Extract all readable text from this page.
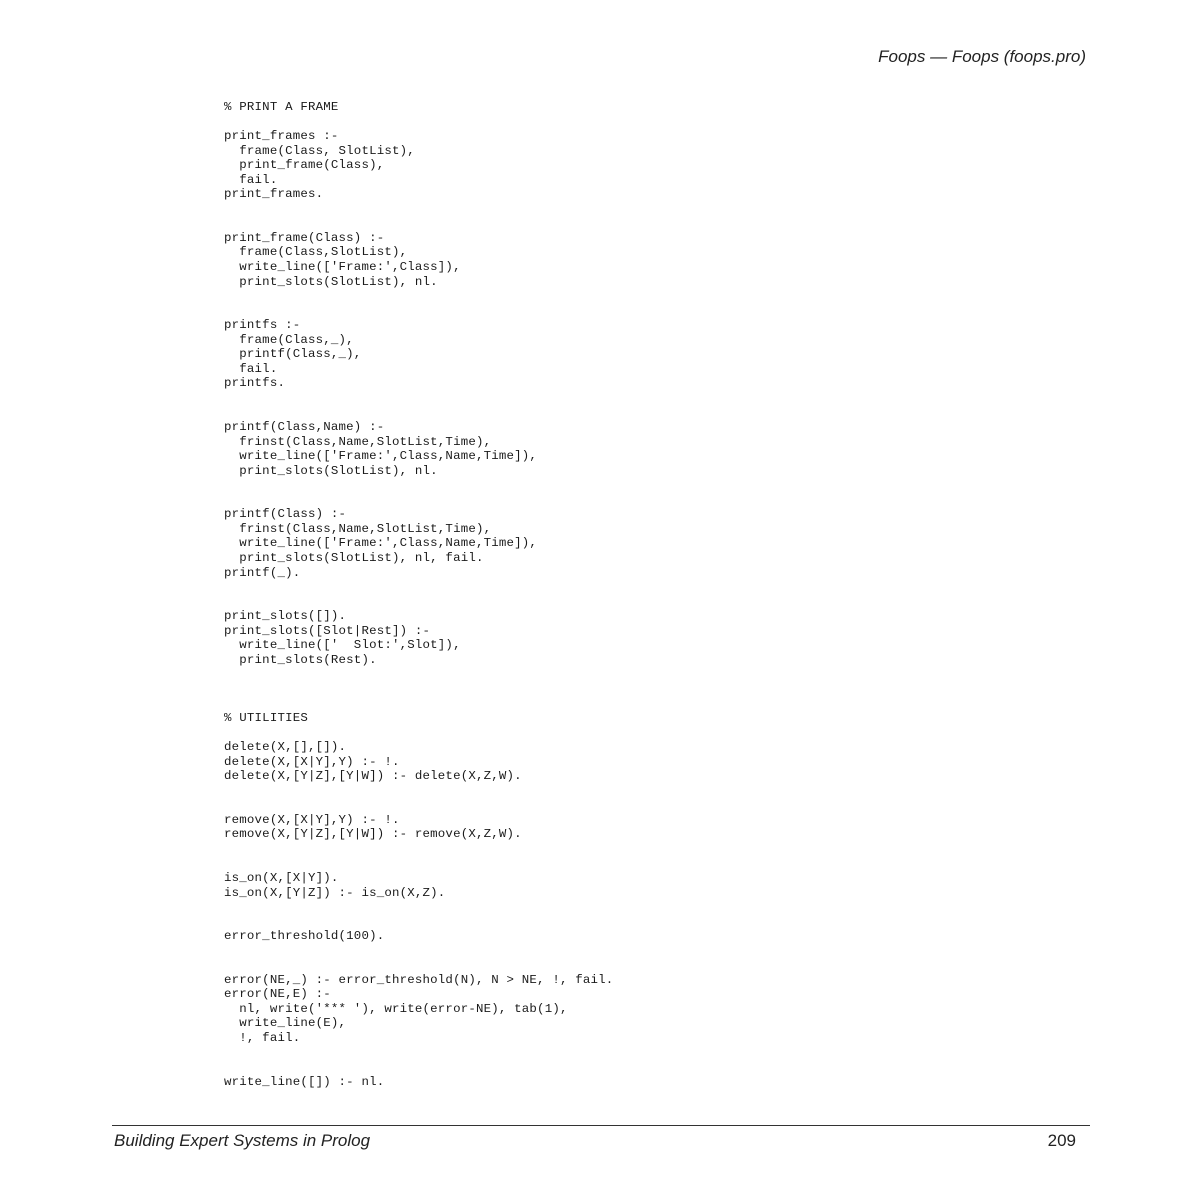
Foops — Foops (foops.pro)
% PRINT A FRAME
print_frames :-
frame(Class, SlotList),
print_frame(Class),
fail.
print_frames.
print_frame(Class) :-
frame(Class,SlotList),
write_line(['Frame:',Class]),
print_slots(SlotList), nl.
printfs :-
frame(Class,_),
printf(Class,_),
fail.
printfs.
printf(Class,Name) :-
frinst(Class,Name,SlotList,Time),
write_line(['Frame:',Class,Name,Time]),
print_slots(SlotList), nl.
printf(Class) :-
frinst(Class,Name,SlotList,Time),
write_line(['Frame:',Class,Name,Time]),
print_slots(SlotList), nl, fail.
printf(_).
print_slots([]).
print_slots([Slot|Rest]) :-
write_line(['  Slot:',Slot]),
print_slots(Rest).
% UTILITIES
delete(X,[],[]).
delete(X,[X|Y],Y) :- !.
delete(X,[Y|Z],[Y|W]) :- delete(X,Z,W).
remove(X,[X|Y],Y) :- !.
remove(X,[Y|Z],[Y|W]) :- remove(X,Z,W).
is_on(X,[X|Y]).
is_on(X,[Y|Z]) :- is_on(X,Z).
error_threshold(100).
error(NE,_) :- error_threshold(N), N > NE, !, fail.
error(NE,E) :-
nl, write('*** '), write(error-NE), tab(1),
write_line(E),
!, fail.
write_line([]) :- nl.
Building Expert Systems in Prolog	209
